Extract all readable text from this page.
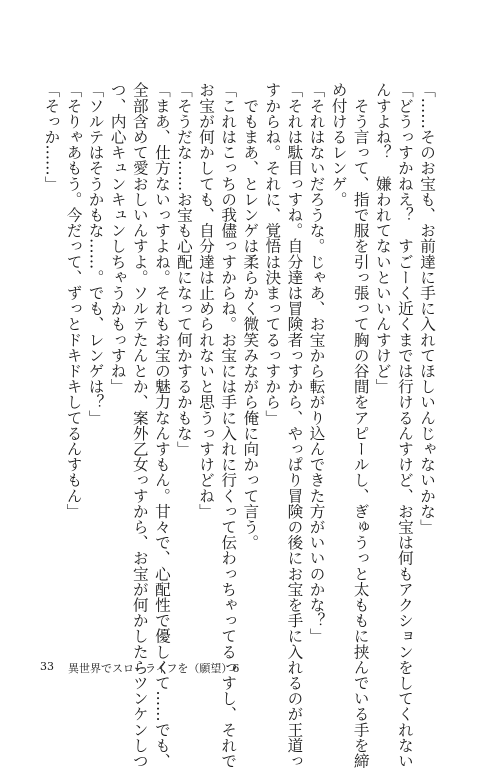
「……そのお宝も、お前達に手に入れてほしいんじゃないかな」

「どうっすかねえ？　すごーく近くまでは行けるんすけど、お宝は何もアクションをしてくれない

んすよね？　嫌われてないといいんすけど」

　そう言って、指で服を引っ張って胸の谷間をアピールし、ぎゅうっと太ももに挟んでいる手を締

め付けるレンゲ。

「それはないだろうな。じゃあ、お宝から転がり込んできた方がいいのかな？」

「それは駄目っすね。自分達は冒険者っすから、やっぱり冒険の後にお宝を手に入れるのが王道っ

すからね。それに、覚悟は決まってるっすから」

　でもまあ、とレンゲは柔らかく微笑みながら俺に向かって言う。

「これはこっちの我儘っすからね。お宝には手に入れに行くって伝わっちゃってるっすし、それで

お宝が何かしても、自分達は止められないと思うっすけどね」

「そうだな……お宝も心配になって何かするかもな」

「まあ、仕方ないっすよね。それもお宝の魅力なんすもん。甘々で、心配性で優しくて……でも、

全部含めて愛おしいんすよ。ソルテたんとか、案外乙女っすから、お宝が何かしたらツンケンしつ

つ、内心キュンキュンしちゃうかもっすね」

「ソルテはそうかもな……。でも、レンゲは？」

「そりゃあもう。今だって、ずっとドキドキしてるんすもん」

「そっか……」

33 異世界でスローライフを（願望）6
